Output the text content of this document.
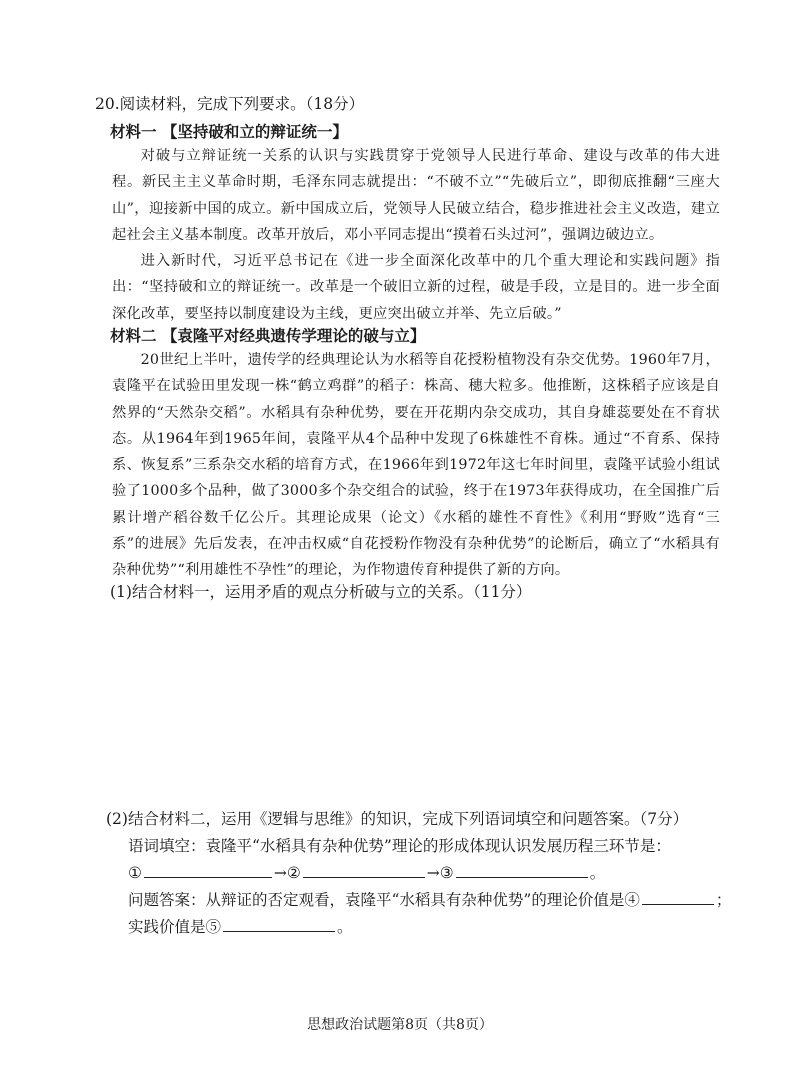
20.阅读材料，完成下列要求。（18分）
材料一 【坚持破和立的辩证统一】
对破与立辩证统一关系的认识与实践贯穿于党领导人民进行革命、建设与改革的伟大进程。新民主主义革命时期，毛泽东同志就提出：“不破不立”“先破后立”，即彻底推翻“三座大山”，迎接新中国的成立。新中国成立后，党领导人民破立结合，稳步推进社会主义改造，建立起社会主义基本制度。改革开放后，邓小平同志提出“摸着石头过河”，强调边破边立。
进入新时代，习近平总书记在《进一步全面深化改革中的几个重大理论和实践问题》指出：“坚持破和立的辩证统一。改革是一个破旧立新的过程，破是手段，立是目的。进一步全面深化改革，要坚持以制度建设为主线，更应突出破立并举、先立后破。”
材料二 【袁隆平对经典遗传学理论的破与立】
20世纪上半叶，遗传学的经典理论认为水稻等自花授粉植物没有杂交优势。1960年7月，袁隆平在试验田里发现一株“鹤立鸡群”的稻子：株高、穗大粒多。他推断，这株稻子应该是自然界的“天然杂交稻”。水稻具有杂种优势，要在开花期内杂交成功，其自身雄蕊要处在不育状态。从1964年到1965年间，袁隆平从4个品种中发现了6株雄性不育株。通过“不育系、保持系、恢复系”三系杂交水稻的培育方式，在1966年到1972年这七年时间里，袁隆平试验小组试验了1000多个品种，做了3000多个杂交组合的试验，终于在1973年获得成功，在全国推广后累计增产稻谷数千亿公斤。其理论成果（论文）《水稻的雄性不育性》《利用“野败”选育“三系”的进展》先后发表，在冲击权威“自花授粉作物没有杂种优势”的论断后，确立了“水稻具有杂种优势”“利用雄性不孕性”的理论，为作物遗传育种提供了新的方向。
(1)结合材料一，运用矛盾的观点分析破与立的关系。（11分）
(2)结合材料二，运用《逻辑与思维》的知识，完成下列语词填空和问题答案。（7分）
语词填空：袁隆平“水稻具有杂种优势”理论的形成体现认识发展历程三环节是：
①	→②	→③	。
问题答案：从辩证的否定观看，袁隆平“水稻具有杂种优势”的理论价值是④	；
实践价值是⑤	。
思想政治试题第8页（共8页）
